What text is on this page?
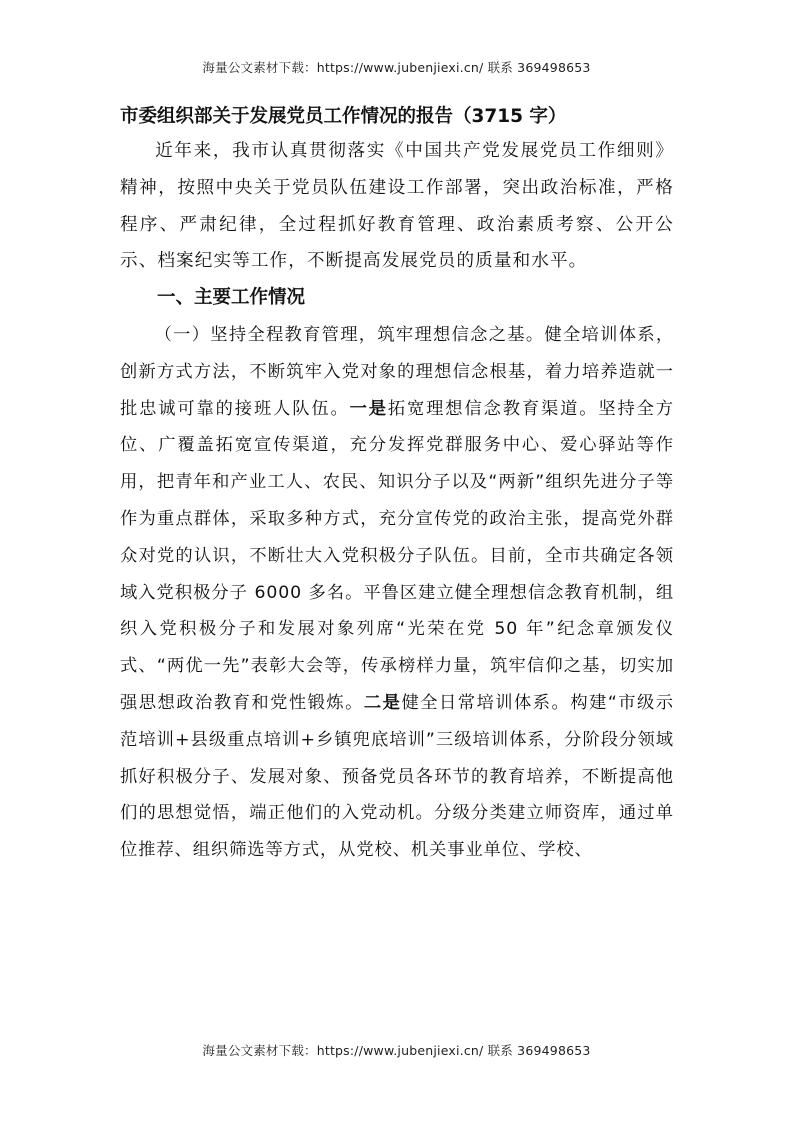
海量公文素材下载：https://www.jubenjiexi.cn/ 联系 369498653

市委组织部关于发展党员工作情况的报告（3715 字）

近年来，我市认真贯彻落实《中国共产党发展党员工作细则》精神，按照中央关于党员队伍建设工作部署，突出政治标准，严格程序、严肃纪律，全过程抓好教育管理、政治素质考察、公开公示、档案纪实等工作，不断提高发展党员的质量和水平。

一、主要工作情况

（一）坚持全程教育管理，筑牢理想信念之基。健全培训体系，创新方式方法，不断筑牢入党对象的理想信念根基，着力培养造就一批忠诚可靠的接班人队伍。一是拓宽理想信念教育渠道。坚持全方位、广覆盖拓宽宣传渠道，充分发挥党群服务中心、爱心驿站等作用，把青年和产业工人、农民、知识分子以及“两新”组织先进分子等作为重点群体，采取多种方式，充分宣传党的政治主张，提高党外群众对党的认识，不断壮大入党积极分子队伍。目前，全市共确定各领域入党积极分子 6000 多名。平鲁区建立健全理想信念教育机制，组织入党积极分子和发展对象列席“光荣在党 50 年”纪念章颁发仪式、“两优一先”表彰大会等，传承榜样力量，筑牢信仰之基，切实加强思想政治教育和党性锻炼。二是健全日常培训体系。构建“市级示范培训+县级重点培训+乡镇兜底培训”三级培训体系，分阶段分领域抓好积极分子、发展对象、预备党员各环节的教育培养，不断提高他们的思想觉悟，端正他们的入党动机。分级分类建立师资库，通过单位推荐、组织筛选等方式，从党校、机关事业单位、学校、

海量公文素材下载：https://www.jubenjiexi.cn/ 联系 369498653
